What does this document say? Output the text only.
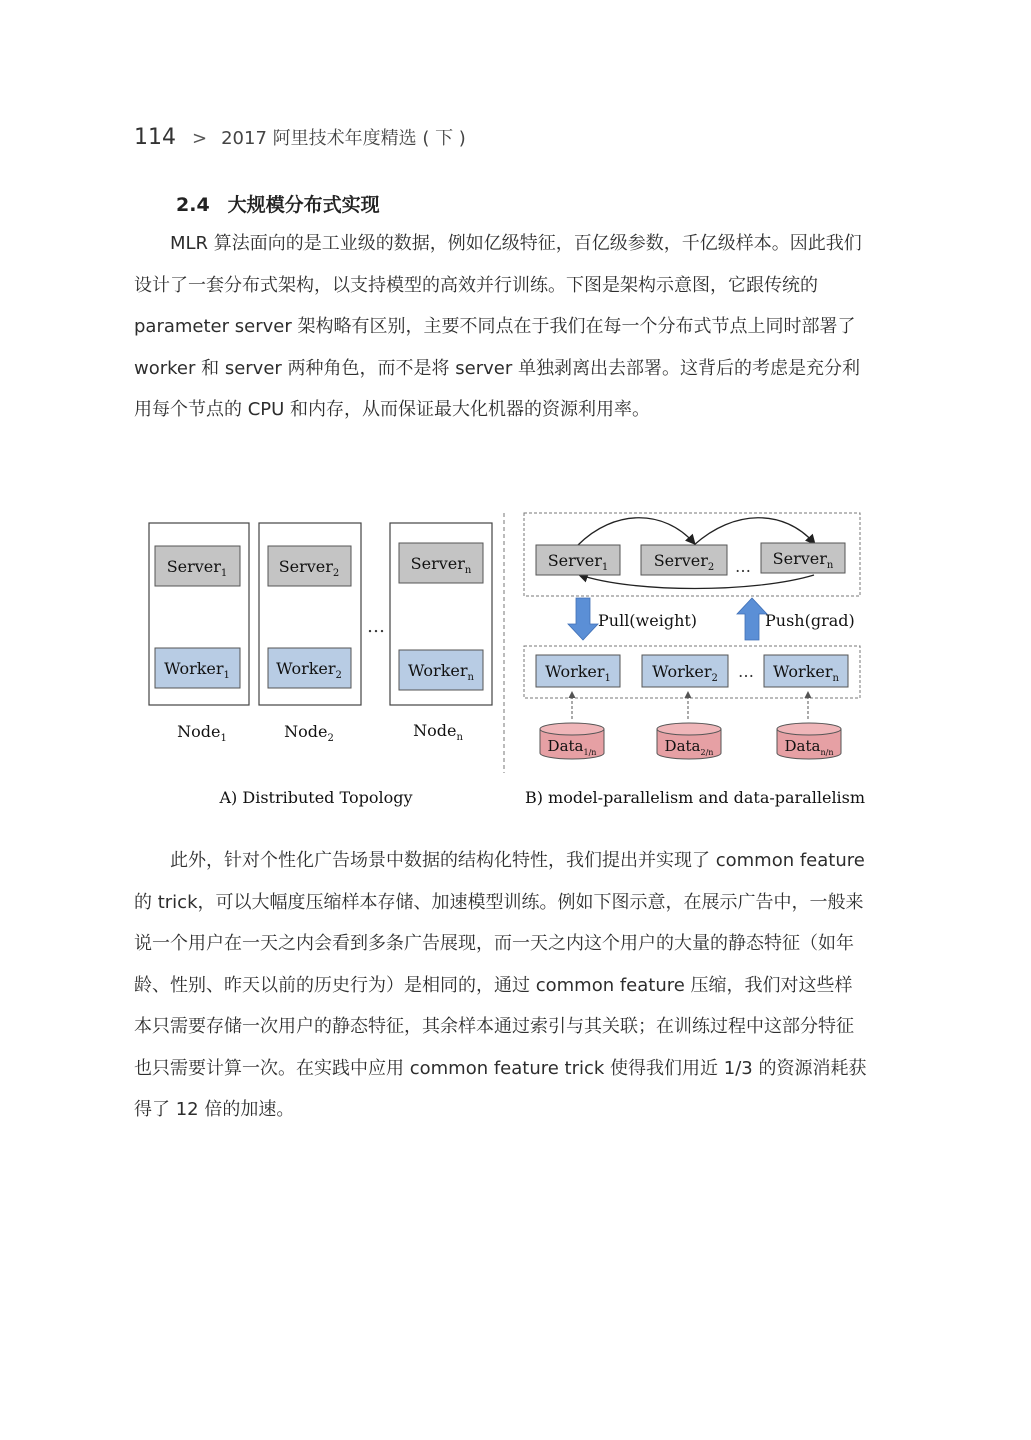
114 > 2017 阿里技术年度精选 ( 下 )
2.4 大规模分布式实现

MLR 算法面向的是工业级的数据，例如亿级特征，百亿级参数，千亿级样本。因此我们设计了一套分布式架构，以支持模型的高效并行训练。下图是架构示意图，它跟传统的 parameter server 架构略有区别，主要不同点在于我们在每一个分布式节点上同时部署了 worker 和 server 两种角色，而不是将 server 单独剥离出去部署。这背后的考虑是充分利用每个节点的 CPU 和内存，从而保证最大化机器的资源利用率。

Server$_1$	Server$_2$
Server$_n$
Worker$_1$	Worker$_2$	Worker$_n$
…
Node$_1$	Node$_2$	Node$_n$
Server$_1$	Server$_2$	Server$_n$
…
Pull(weight)	Push(grad)
Worker$_1$	Worker$_2$	Worker$_n$
…
Data$_{1/n}$	Data$_{2/n}$	Data$_{n/n}$
A) Distributed Topology	B) model-parallelism and data-parallelism

此外，针对个性化广告场景中数据的结构化特性，我们提出并实现了 common feature 的 trick，可以大幅度压缩样本存储、加速模型训练。例如下图示意，在展示广告中，一般来说一个用户在一天之内会看到多条广告展现，而一天之内这个用户的大量的静态特征（如年龄、性别、昨天以前的历史行为）是相同的，通过 common feature 压缩，我们对这些样本只需要存储一次用户的静态特征，其余样本通过索引与其关联；在训练过程中这部分特征也只需要计算一次。在实践中应用 common feature trick 使得我们用近 1/3 的资源消耗获得了 12 倍的加速。
